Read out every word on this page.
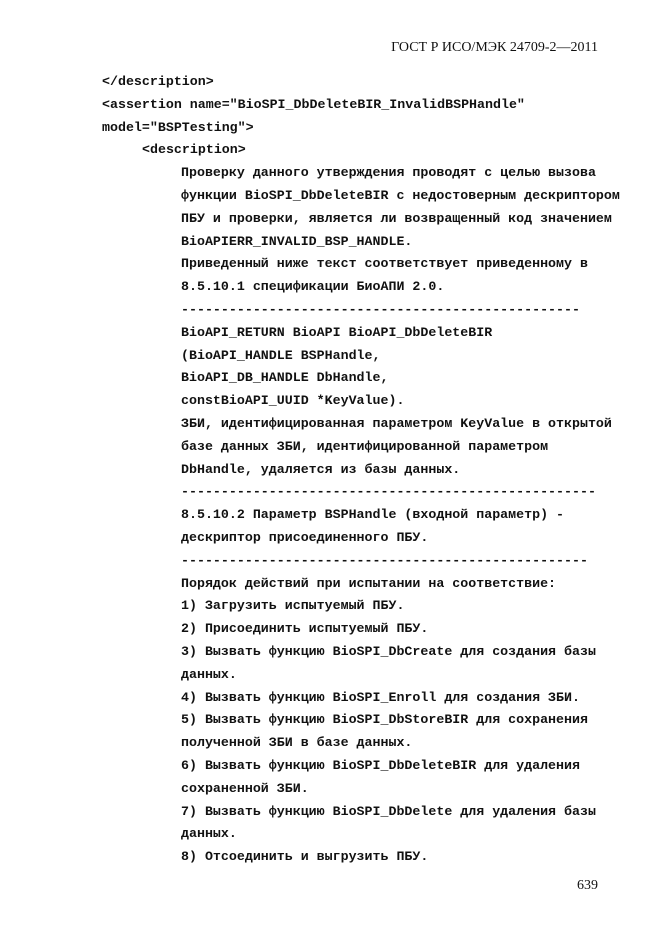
ГОСТ Р ИСО/МЭК 24709-2—2011
</description>
<assertion name="BioSPI_DbDeleteBIR_InvalidBSPHandle"
model="BSPTesting">
<description>
Проверку данного утверждения проводят с целью вызова
функции BioSPI_DbDeleteBIR с недостоверным дескриптором
ПБУ и проверки, является ли возвращенный код значением
BioAPIERR_INVALID_BSP_HANDLE.
Приведенный ниже текст соответствует приведенному в
8.5.10.1 спецификации БиоАПИ 2.0.
--------------------------------------------------
BioAPI_RETURN BioAPI BioAPI_DbDeleteBIR
(BioAPI_HANDLE BSPHandle,
BioAPI_DB_HANDLE DbHandle,
constBioAPI_UUID *KeyValue).
ЗБИ, идентифицированная параметром KeyValue в открытой
базе данных ЗБИ, идентифицированной параметром
DbHandle, удаляется из базы данных.
----------------------------------------------------
8.5.10.2 Параметр BSPHandle (входной параметр) -
дескриптор присоединенного ПБУ.
---------------------------------------------------
Порядок действий при испытании на соответствие:
1) Загрузить испытуемый ПБУ.
2) Присоединить испытуемый ПБУ.
3) Вызвать функцию BioSPI_DbCreate для создания базы
данных.
4) Вызвать функцию BioSPI_Enroll для создания ЗБИ.
5) Вызвать функцию BioSPI_DbStoreBIR для сохранения
полученной ЗБИ в базе данных.
6) Вызвать функцию BioSPI_DbDeleteBIR для удаления
сохраненной ЗБИ.
7) Вызвать функцию BioSPI_DbDelete для удаления базы
данных.
8) Отсоединить и выгрузить ПБУ.
639
